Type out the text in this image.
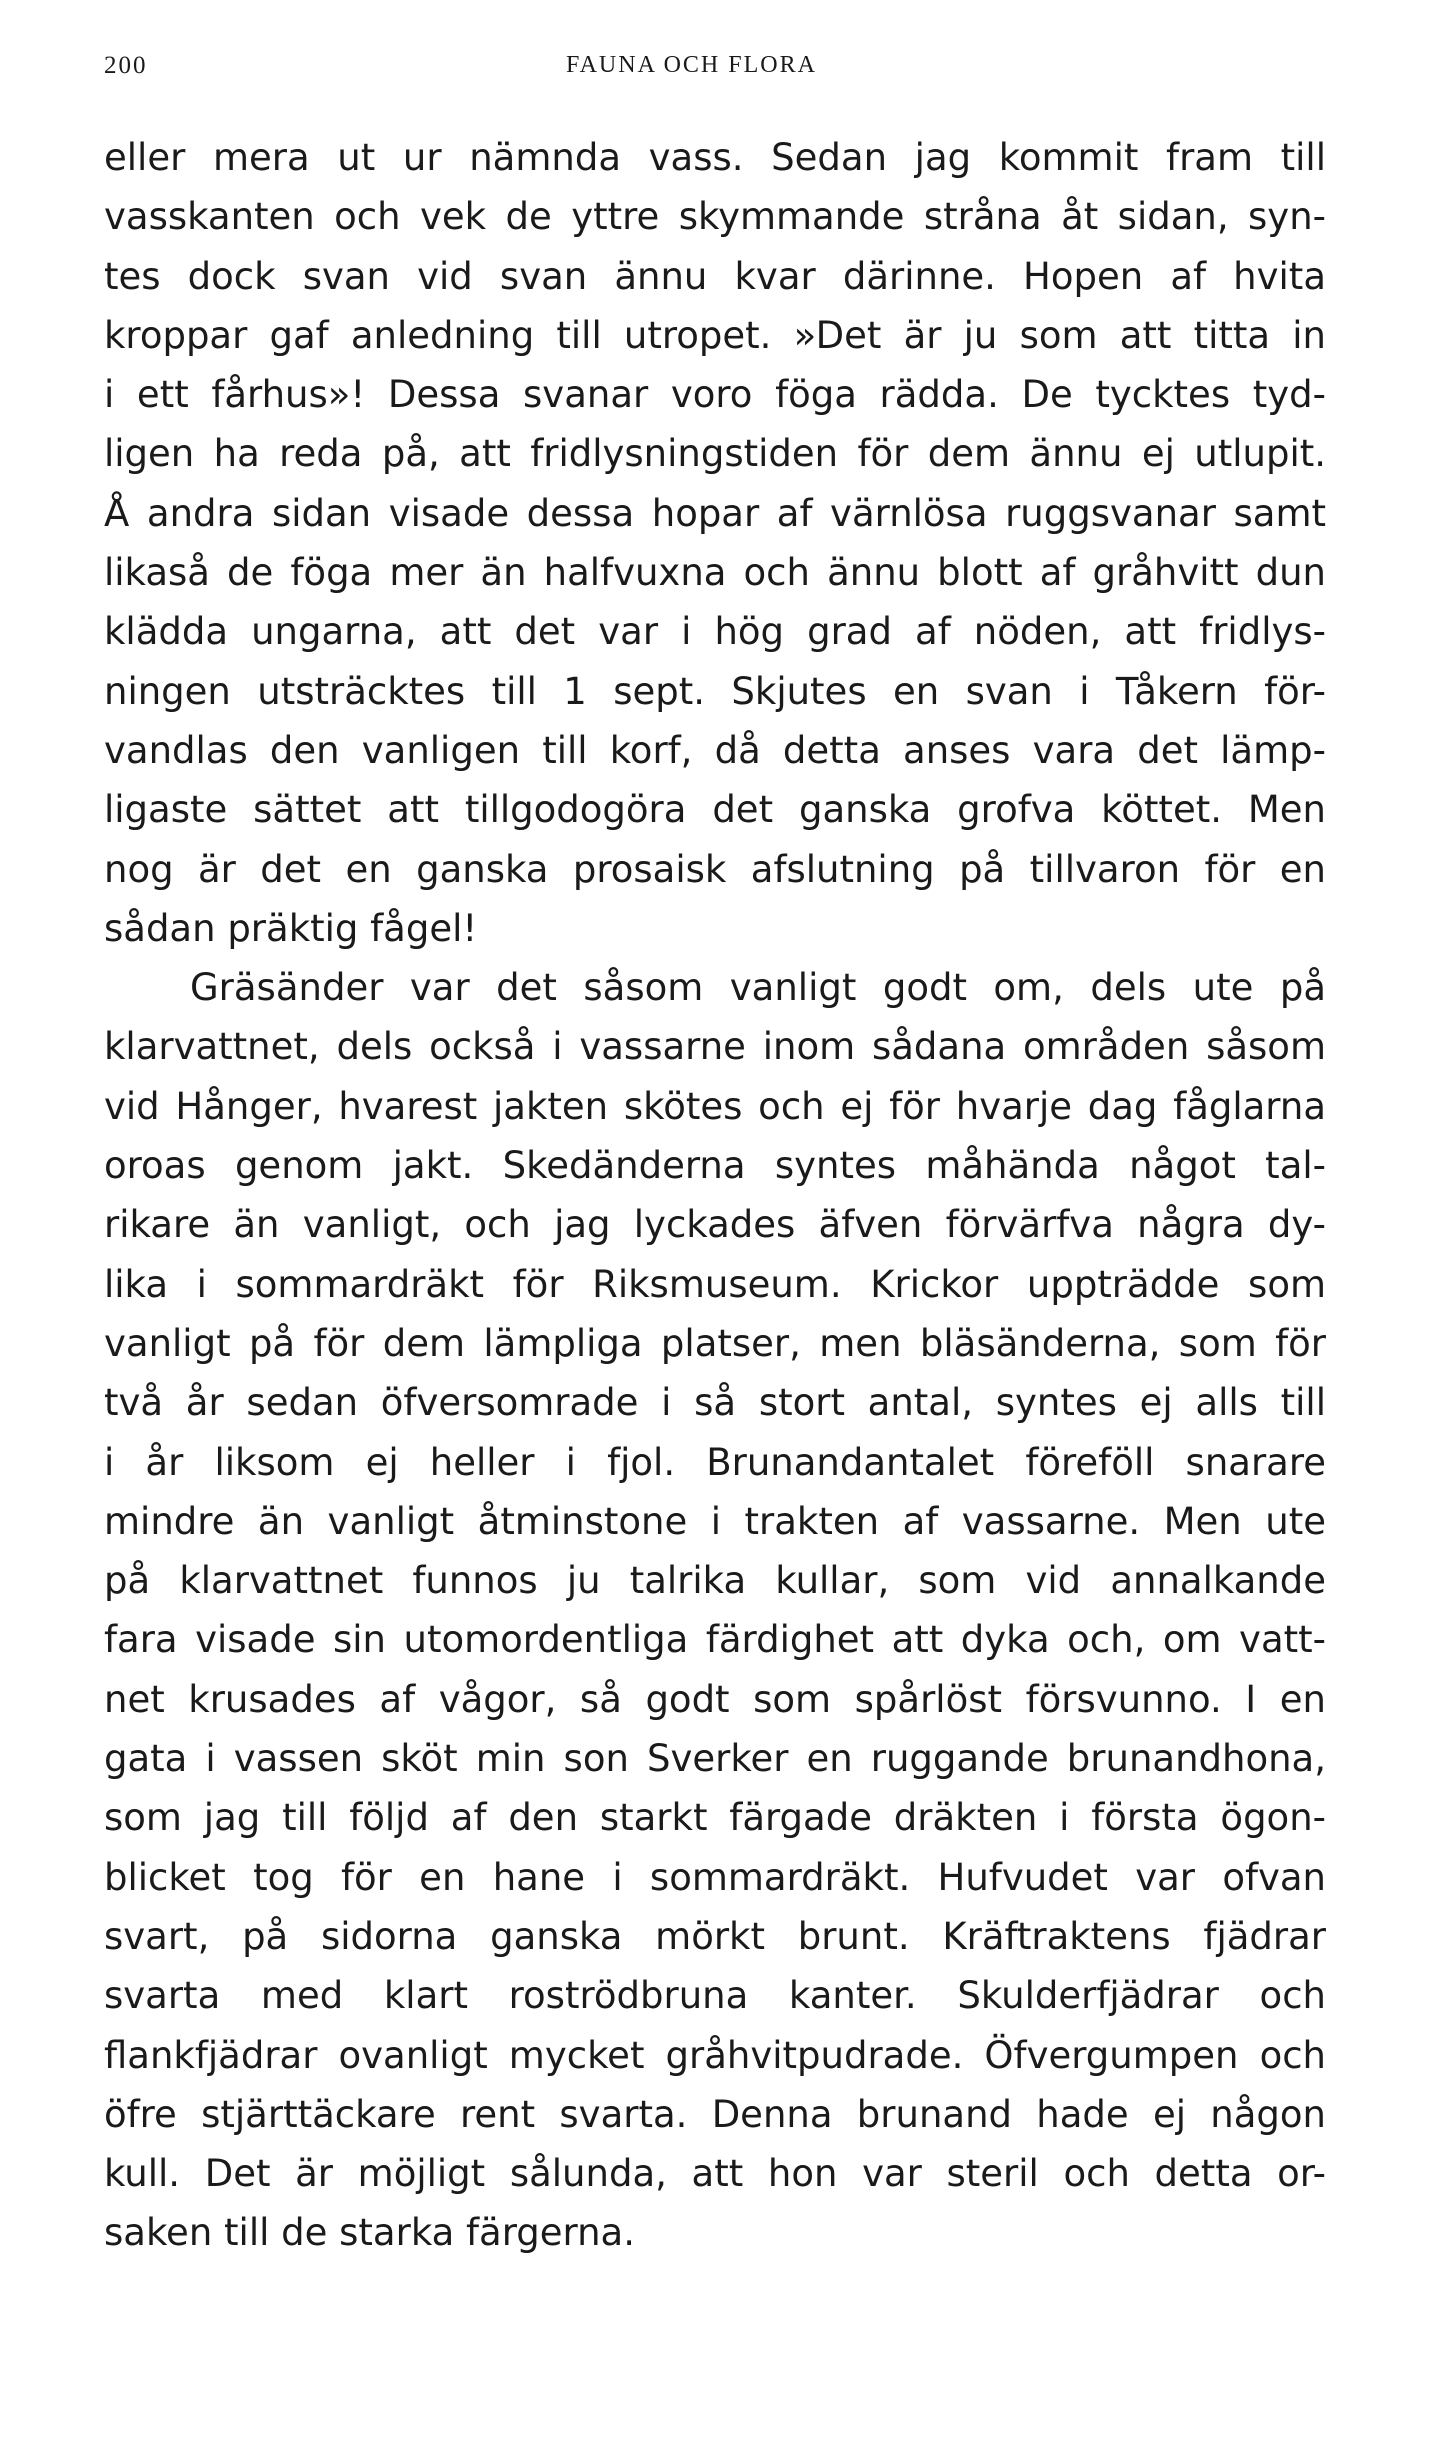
200	FAUNA OCH FLORA
eller mera ut ur nämnda vass. Sedan jag kommit fram till
vasskanten och vek de yttre skymmande stråna åt sidan, syn-
tes dock svan vid svan ännu kvar därinne. Hopen af hvita
kroppar gaf anledning till utropet. »Det är ju som att titta in
i ett fårhus»! Dessa svanar voro föga rädda. De tycktes tyd-
ligen ha reda på, att fridlysningstiden för dem ännu ej utlupit.
Å andra sidan visade dessa hopar af värnlösa ruggsvanar samt
likaså de föga mer än halfvuxna och ännu blott af gråhvitt dun
klädda ungarna, att det var i hög grad af nöden, att fridlys-
ningen utsträcktes till 1 sept. Skjutes en svan i Tåkern för-
vandlas den vanligen till korf, då detta anses vara det lämp-
ligaste sättet att tillgodogöra det ganska grofva köttet. Men
nog är det en ganska prosaisk afslutning på tillvaron för en
sådan präktig fågel!
Gräsänder var det såsom vanligt godt om, dels ute på
klarvattnet, dels också i vassarne inom sådana områden såsom
vid Hånger, hvarest jakten skötes och ej för hvarje dag fåglarna
oroas genom jakt. Skedänderna syntes måhända något tal-
rikare än vanligt, och jag lyckades äfven förvärfva några dy-
lika i sommardräkt för Riksmuseum. Krickor uppträdde som
vanligt på för dem lämpliga platser, men bläsänderna, som för
två år sedan öfversomrade i så stort antal, syntes ej alls till
i år liksom ej heller i fjol. Brunandantalet föreföll snarare
mindre än vanligt åtminstone i trakten af vassarne. Men ute
på klarvattnet funnos ju talrika kullar, som vid annalkande
fara visade sin utomordentliga färdighet att dyka och, om vatt-
net krusades af vågor, så godt som spårlöst försvunno. I en
gata i vassen sköt min son Sverker en ruggande brunandhona,
som jag till följd af den starkt färgade dräkten i första ögon-
blicket tog för en hane i sommardräkt. Hufvudet var ofvan
svart, på sidorna ganska mörkt brunt. Kräftraktens fjädrar
svarta med klart roströdbruna kanter. Skulderfjädrar och
flankfjädrar ovanligt mycket gråhvitpudrade. Öfvergumpen och
öfre stjärttäckare rent svarta. Denna brunand hade ej någon
kull. Det är möjligt sålunda, att hon var steril och detta or-
saken till de starka färgerna.
